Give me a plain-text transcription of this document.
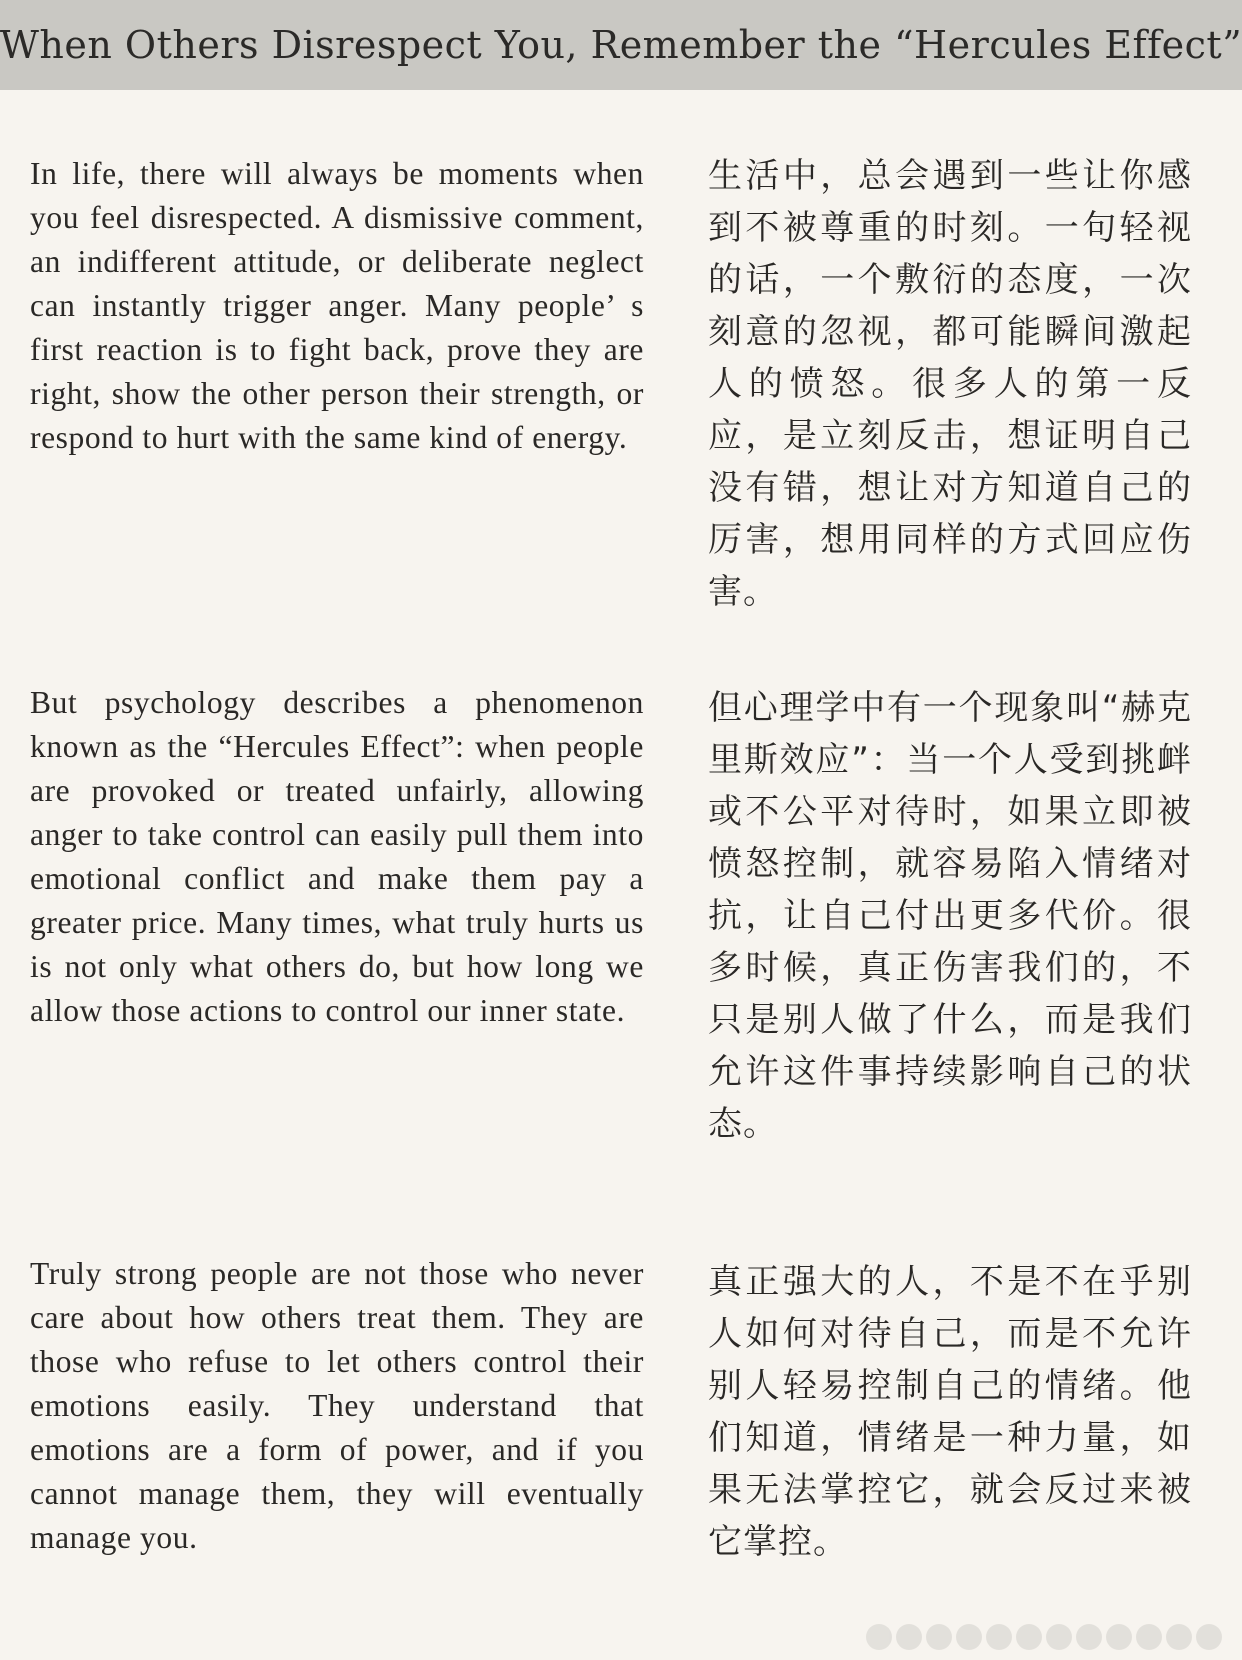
When Others Disrespect You, Remember the “Hercules Effect”

In life, there will always be moments when you feel disrespected. A dismissive comment, an indifferent attitude, or deliberate neglect can instantly trigger anger. Many people’ s first reaction is to fight back, prove they are right, show the other person their strength, or respond to hurt with the same kind of energy.

生活中，总会遇到一些让你感到不被尊重的时刻。一句轻视的话，一个敷衍的态度，一次刻意的忽视，都可能瞬间激起人的愤怒。很多人的第一反应，是立刻反击，想证明自己没有错，想让对方知道自己的厉害，想用同样的方式回应伤害。

But psychology describes a phenomenon known as the “Hercules Effect”: when people are provoked or treated unfairly, allowing anger to take control can easily pull them into emotional conflict and make them pay a greater price. Many times, what truly hurts us is not only what others do, but how long we allow those actions to control our inner state.

但心理学中有一个现象叫“赫克里斯效应”：当一个人受到挑衅或不公平对待时，如果立即被愤怒控制，就容易陷入情绪对抗，让自己付出更多代价。很多时候，真正伤害我们的，不只是别人做了什么，而是我们允许这件事持续影响自己的状态。

Truly strong people are not those who never care about how others treat them. They are those who refuse to let others control their emotions easily. They understand that emotions are a form of power, and if you cannot manage them, they will eventually manage you.

真正强大的人，不是不在乎别人如何对待自己，而是不允许别人轻易控制自己的情绪。他们知道，情绪是一种力量，如果无法掌控它，就会反过来被它掌控。
